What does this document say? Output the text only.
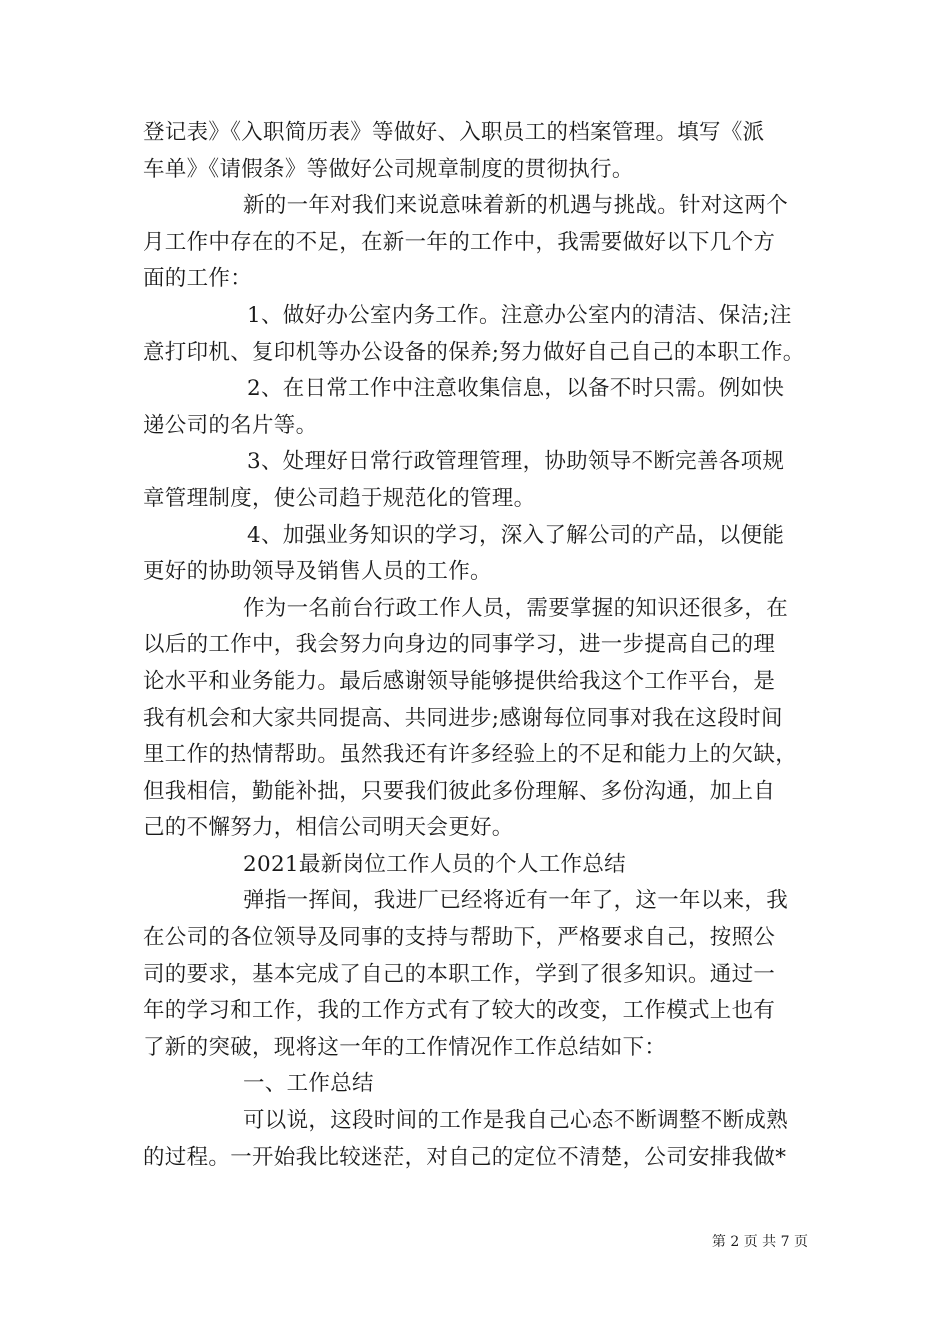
登记表》《入职简历表》等做好、入职员工的档案管理。填写《派
车单》《请假条》等做好公司规章制度的贯彻执行。
新的一年对我们来说意味着新的机遇与挑战。针对这两个
月工作中存在的不足，在新一年的工作中，我需要做好以下几个方
面的工作：
1、做好办公室内务工作。注意办公室内的清洁、保洁;注
意打印机、复印机等办公设备的保养;努力做好自己自己的本职工作。
2、在日常工作中注意收集信息，以备不时只需。例如快
递公司的名片等。
3、处理好日常行政管理管理，协助领导不断完善各项规
章管理制度，使公司趋于规范化的管理。
4、加强业务知识的学习，深入了解公司的产品，以便能
更好的协助领导及销售人员的工作。
作为一名前台行政工作人员，需要掌握的知识还很多，在
以后的工作中，我会努力向身边的同事学习，进一步提高自己的理
论水平和业务能力。最后感谢领导能够提供给我这个工作平台，是
我有机会和大家共同提高、共同进步;感谢每位同事对我在这段时间
里工作的热情帮助。虽然我还有许多经验上的不足和能力上的欠缺，
但我相信，勤能补拙，只要我们彼此多份理解、多份沟通，加上自
己的不懈努力，相信公司明天会更好。
2021最新岗位工作人员的个人工作总结
弹指一挥间，我进厂已经将近有一年了，这一年以来，我
在公司的各位领导及同事的支持与帮助下，严格要求自己，按照公
司的要求，基本完成了自己的本职工作，学到了很多知识。通过一
年的学习和工作，我的工作方式有了较大的改变，工作模式上也有
了新的突破，现将这一年的工作情况作工作总结如下：
一、工作总结
可以说，这段时间的工作是我自己心态不断调整不断成熟
的过程。一开始我比较迷茫，对自己的定位不清楚，公司安排我做*
第 2 页 共 7 页
